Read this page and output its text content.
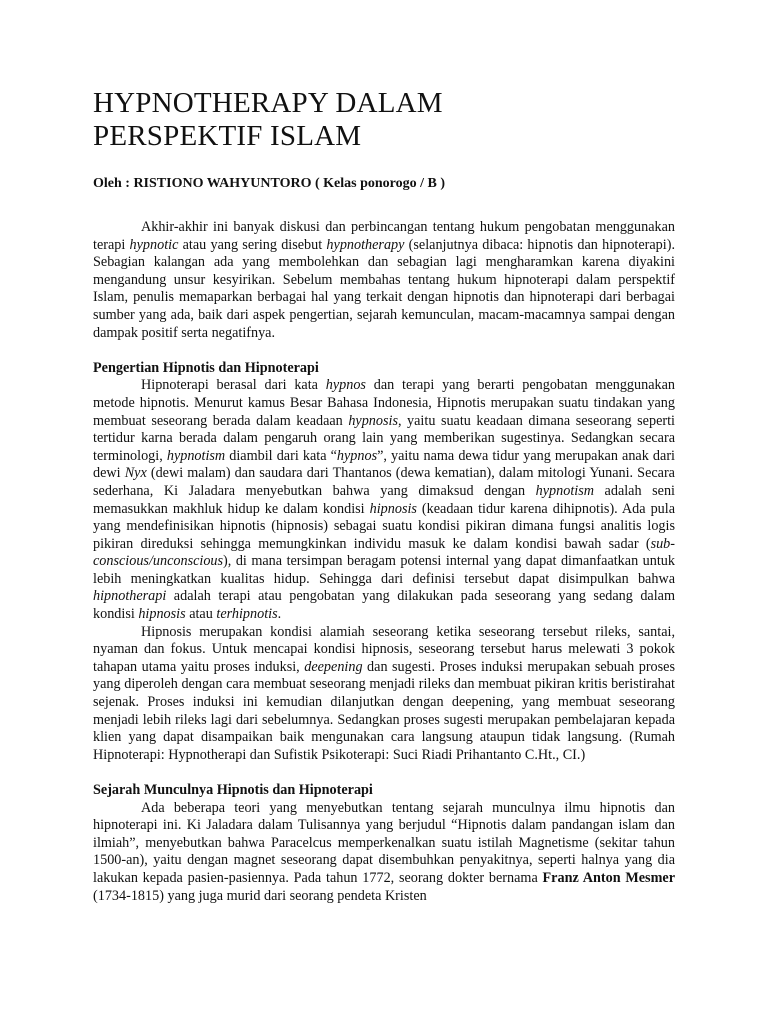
HYPNOTHERAPY DALAM
PERSPEKTIF ISLAM
Oleh : RISTIONO WAHYUNTORO ( Kelas ponorogo / B )

Akhir-akhir ini banyak diskusi dan perbincangan tentang hukum pengobatan menggunakan terapi hypnotic atau yang sering disebut hypnotherapy (selanjutnya dibaca: hipnotis dan hipnoterapi). Sebagian kalangan ada yang membolehkan dan sebagian lagi mengharamkan karena diyakini mengandung unsur kesyirikan. Sebelum membahas tentang hukum hipnoterapi dalam perspektif Islam, penulis memaparkan berbagai hal yang terkait dengan hipnotis dan hipnoterapi dari berbagai sumber yang ada, baik dari aspek pengertian, sejarah kemunculan, macam-macamnya sampai dengan dampak positif serta negatifnya.

Pengertian Hipnotis dan Hipnoterapi

Hipnoterapi berasal dari kata hypnos dan terapi yang berarti pengobatan menggunakan metode hipnotis. Menurut kamus Besar Bahasa Indonesia, Hipnotis merupakan suatu tindakan yang membuat seseorang berada dalam keadaan hypnosis, yaitu suatu keadaan dimana seseorang seperti tertidur karna berada dalam pengaruh orang lain yang memberikan sugestinya. Sedangkan secara terminologi, hypnotism diambil dari kata “hypnos”, yaitu nama dewa tidur yang merupakan anak dari dewi Nyx (dewi malam) dan saudara dari Thantanos (dewa kematian), dalam mitologi Yunani. Secara sederhana, Ki Jaladara menyebutkan bahwa yang dimaksud dengan hypnotism adalah seni memasukkan makhluk hidup ke dalam kondisi hipnosis (keadaan tidur karena dihipnotis). Ada pula yang mendefinisikan hipnotis (hipnosis) sebagai suatu kondisi pikiran dimana fungsi analitis logis pikiran direduksi sehingga memungkinkan individu masuk ke dalam kondisi bawah sadar (sub-conscious/unconscious), di mana tersimpan beragam potensi internal yang dapat dimanfaatkan untuk lebih meningkatkan kualitas hidup. Sehingga dari definisi tersebut dapat disimpulkan bahwa hipnotherapi adalah terapi atau pengobatan yang dilakukan pada seseorang yang sedang dalam kondisi hipnosis atau terhipnotis.

Hipnosis merupakan kondisi alamiah seseorang ketika seseorang tersebut rileks, santai, nyaman dan fokus. Untuk mencapai kondisi hipnosis, seseorang tersebut harus melewati 3 pokok tahapan utama yaitu proses induksi, deepening dan sugesti. Proses induksi merupakan sebuah proses yang diperoleh dengan cara membuat seseorang menjadi rileks dan membuat pikiran kritis beristirahat sejenak. Proses induksi ini kemudian dilanjutkan dengan deepening, yang membuat seseorang menjadi lebih rileks lagi dari sebelumnya. Sedangkan proses sugesti merupakan pembelajaran kepada klien yang dapat disampaikan baik mengunakan cara langsung ataupun tidak langsung. (Rumah Hipnoterapi: Hypnotherapi dan Sufistik Psikoterapi: Suci Riadi Prihantanto C.Ht., CI.)

Sejarah Munculnya Hipnotis dan Hipnoterapi

Ada beberapa teori yang menyebutkan tentang sejarah munculnya ilmu hipnotis dan hipnoterapi ini. Ki Jaladara dalam Tulisannya yang berjudul “Hipnotis dalam pandangan islam dan ilmiah”, menyebutkan bahwa Paracelcus memperkenalkan suatu istilah Magnetisme (sekitar tahun 1500-an), yaitu dengan magnet seseorang dapat disembuhkan penyakitnya, seperti halnya yang dia lakukan kepada pasien-pasiennya. Pada tahun 1772, seorang dokter bernama Franz Anton Mesmer (1734-1815) yang juga murid dari seorang pendeta Kristen
